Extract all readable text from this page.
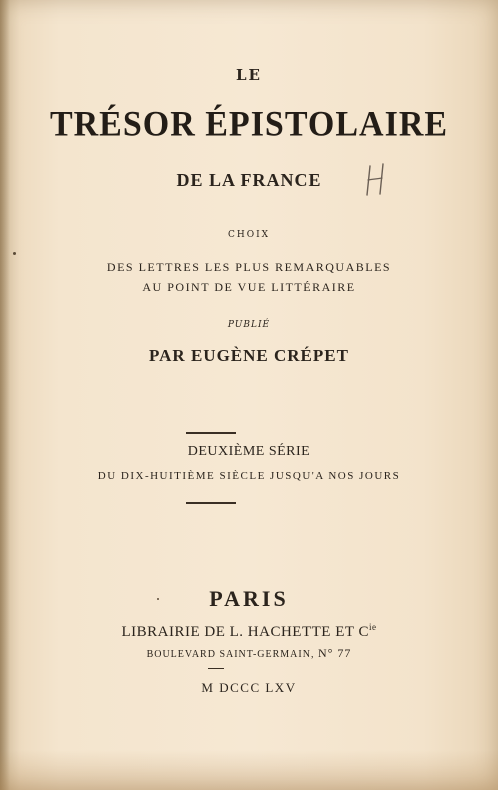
LE

TRÉSOR ÉPISTOLAIRE

DE LA FRANCE

CHOIX

DES LETTRES LES PLUS REMARQUABLES

AU POINT DE VUE LITTÉRAIRE

PUBLIÉ

PAR EUGÈNE CRÉPET

DEUXIÈME SÉRIE

DU DIX-HUITIÈME SIÈCLE JUSQU'A NOS JOURS

PARIS

LIBRAIRIE DE L. HACHETTE ET $C^{ie}$

BOULEVARD SAINT-GERMAIN, N° 77

M DCCC LXV
